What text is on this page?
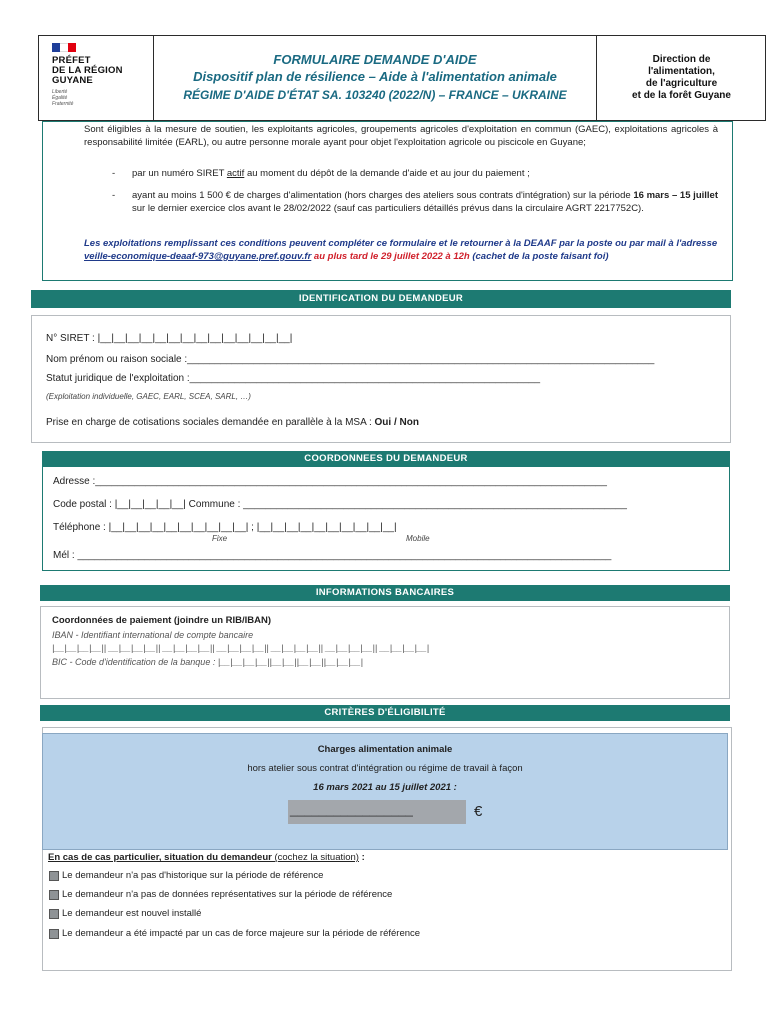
PRÉFET
DE LA RÉGION
GUYANE
Liberté
Égalité
Fraternité
FORMULAIRE DEMANDE D'AIDE
Dispositif plan de résilience – Aide à l'alimentation animale
RÉGIME D'AIDE D'ÉTAT SA. 103240 (2022/N) – FRANCE – UKRAINE
Direction de
l'alimentation,
de l'agriculture
et de la forêt Guyane
Sont éligibles à la mesure de soutien, les exploitants agricoles, groupements agricoles d'exploitation en commun (GAEC), exploitations agricoles à responsabilité limitée (EARL), ou autre personne morale ayant pour objet l'exploitation agricole ou piscicole en Guyane;
- par un numéro SIRET actif au moment du dépôt de la demande d'aide et au jour du paiement ;
- ayant au moins 1 500 € de charges d'alimentation (hors charges des ateliers sous contrats d'intégration) sur la période 16 mars – 15 juillet sur le dernier exercice clos avant le 28/02/2022 (sauf cas particuliers détaillés prévus dans la circulaire AGRT 2217752C).
Les exploitations remplissant ces conditions peuvent compléter ce formulaire et le retourner à la DEAAF par la poste ou par mail à l'adresse veille-economique-deaaf-973@guyane.pref.gouv.fr au plus tard le 29 juillet 2022 à 12h (cachet de la poste faisant foi)
IDENTIFICATION DU DEMANDEUR
N° SIRET : |__|__|__|__|__|__|__|__|__|__|__|__|__|__|
Nom prénom ou raison sociale :____________________________________________________________________________________
Statut juridique de l'exploitation :_______________________________________________________________
(Exploitation individuelle, GAEC, EARL, SCEA, SARL, …)
Prise en charge de cotisations sociales demandée en parallèle à la MSA : Oui / Non
COORDONNEES DU DEMANDEUR
Adresse :____________________________________________________________________________________________
Code postal : |__|__|__|__|__| Commune : _____________________________________________________________________
Téléphone : |__|__|__|__|__|__|__|__|__|__| ; |__|__|__|__|__|__|__|__|__|__|
Fixe	Mobile
Mél : ________________________________________________________________________________________________
INFORMATIONS BANCAIRES
Coordonnées de paiement (joindre un RIB/IBAN)
IBAN - Identifiant international de compte bancaire
|__|__|__|__|| __|__|__|__|| __|__|__|__|| __|__|__|__|| __|__|__|__|| __|__|__|__|| __|__|__|__|
BIC - Code d'identification de la banque : |__|__|__|__||__|__||__|__||__|__|__|
CRITÈRES D'ÉLIGIBILITÉ
Charges alimentation animale
hors atelier sous contrat d'intégration ou régime de travail à façon
16 mars 2021 au 15 juillet 2021 :
_________________	€
En cas de cas particulier, situation du demandeur (cochez la situation) :
Le demandeur n'a pas d'historique sur la période de référence
Le demandeur n'a pas de données représentatives sur la période de référence
Le demandeur est nouvel installé
Le demandeur a été impacté par un cas de force majeure sur la période de référence
